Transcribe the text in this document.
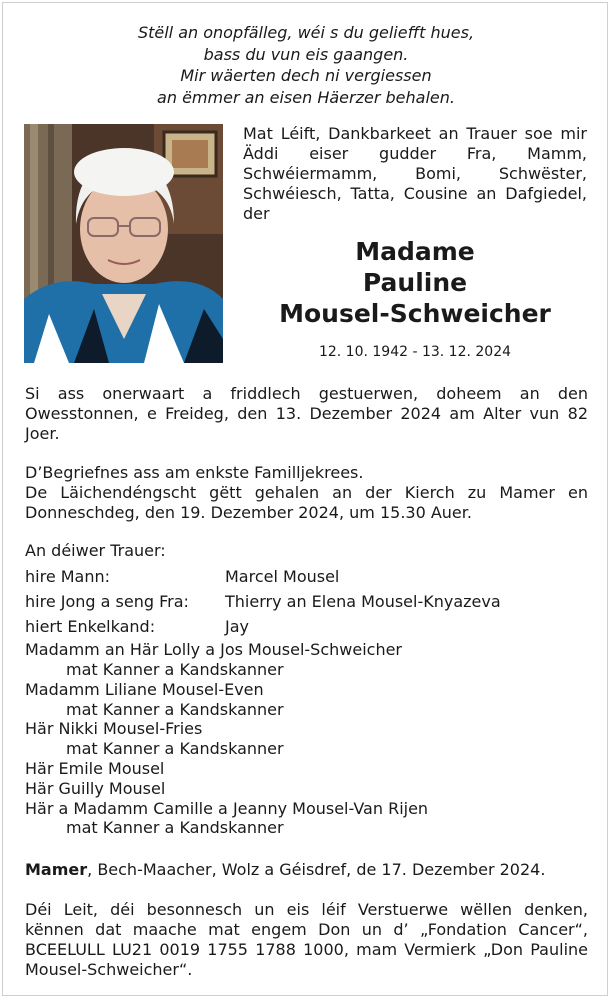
Stëll an onopfälleg, wéi s du geliefft hues,
bass du vun eis gaangen.
Mir wäerten dech ni vergiessen
an ëmmer an eisen Häerzer behalen.
Mat Léift, Dankbarkeet an Trauer soe mir Äddi eiser gudder Fra, Mamm, Schwéiermamm, Bomi, Schwëster, Schwéiesch, Tatta, Cousine an Dafgiedel, der
Madame
Pauline
Mousel-Schweicher
12. 10. 1942 - 13. 12. 2024
Si ass onerwaart a friddlech gestuerwen, doheem an den Owesstonnen, e Freideg, den 13. Dezember 2024 am Alter vun 82 Joer.
D’Begriefnes ass am enkste Familljekrees.
De Läichendéngscht gëtt gehalen an der Kierch zu Mamer en Donneschdeg, den 19. Dezember 2024, um 15.30 Auer.
An déiwer Trauer:
hire Mann:	Marcel Mousel
hire Jong a seng Fra: Thierry an Elena Mousel-Knyazeva
hiert Enkelkand:	Jay
Madamm an Här Lolly a Jos Mousel-Schweicher
mat Kanner a Kandskanner
Madamm Liliane Mousel-Even
mat Kanner a Kandskanner
Här Nikki Mousel-Fries
mat Kanner a Kandskanner
Här Emile Mousel
Här Guilly Mousel
Här a Madamm Camille a Jeanny Mousel-Van Rijen
mat Kanner a Kandskanner
Mamer, Bech-Maacher, Wolz a Géisdref, de 17. Dezember 2024.
Déi Leit, déi besonnesch un eis léif Verstuerwe wëllen denken, kënnen dat maache mat engem Don un d’ „Fondation Cancer“, BCEELULL LU21 0019 1755 1788 1000, mam Vermierk „Don Pauline Mousel-Schweicher“.
